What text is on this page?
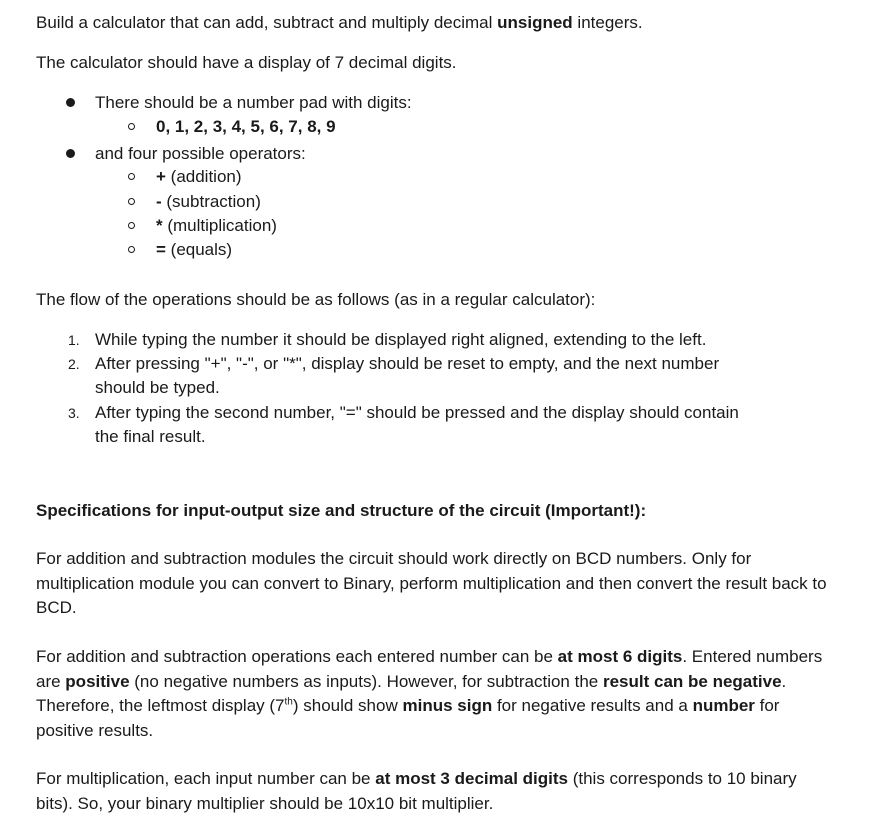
Build a calculator that can add, subtract and multiply decimal unsigned integers.
The calculator should have a display of 7 decimal digits.
There should be a number pad with digits:
0, 1, 2, 3, 4, 5, 6, 7, 8, 9
and four possible operators:
+ (addition)
- (subtraction)
* (multiplication)
= (equals)
The flow of the operations should be as follows (as in a regular calculator):
1. While typing the number it should be displayed right aligned, extending to the left.
2. After pressing "+", "-", or "*", display should be reset to empty, and the next number
should be typed.
3. After typing the second number, "=" should be pressed and the display should contain
the final result.
Specifications for input-output size and structure of the circuit (Important!):
For addition and subtraction modules the circuit should work directly on BCD numbers. Only for multiplication module you can convert to Binary, perform multiplication and then convert the result back to BCD.
For addition and subtraction operations each entered number can be at most 6 digits. Entered numbers are positive (no negative numbers as inputs). However, for subtraction the result can be negative. Therefore, the leftmost display (7th) should show minus sign for negative results and a number for positive results.
For multiplication, each input number can be at most 3 decimal digits (this corresponds to 10 binary bits). So, your binary multiplier should be 10x10 bit multiplier.
